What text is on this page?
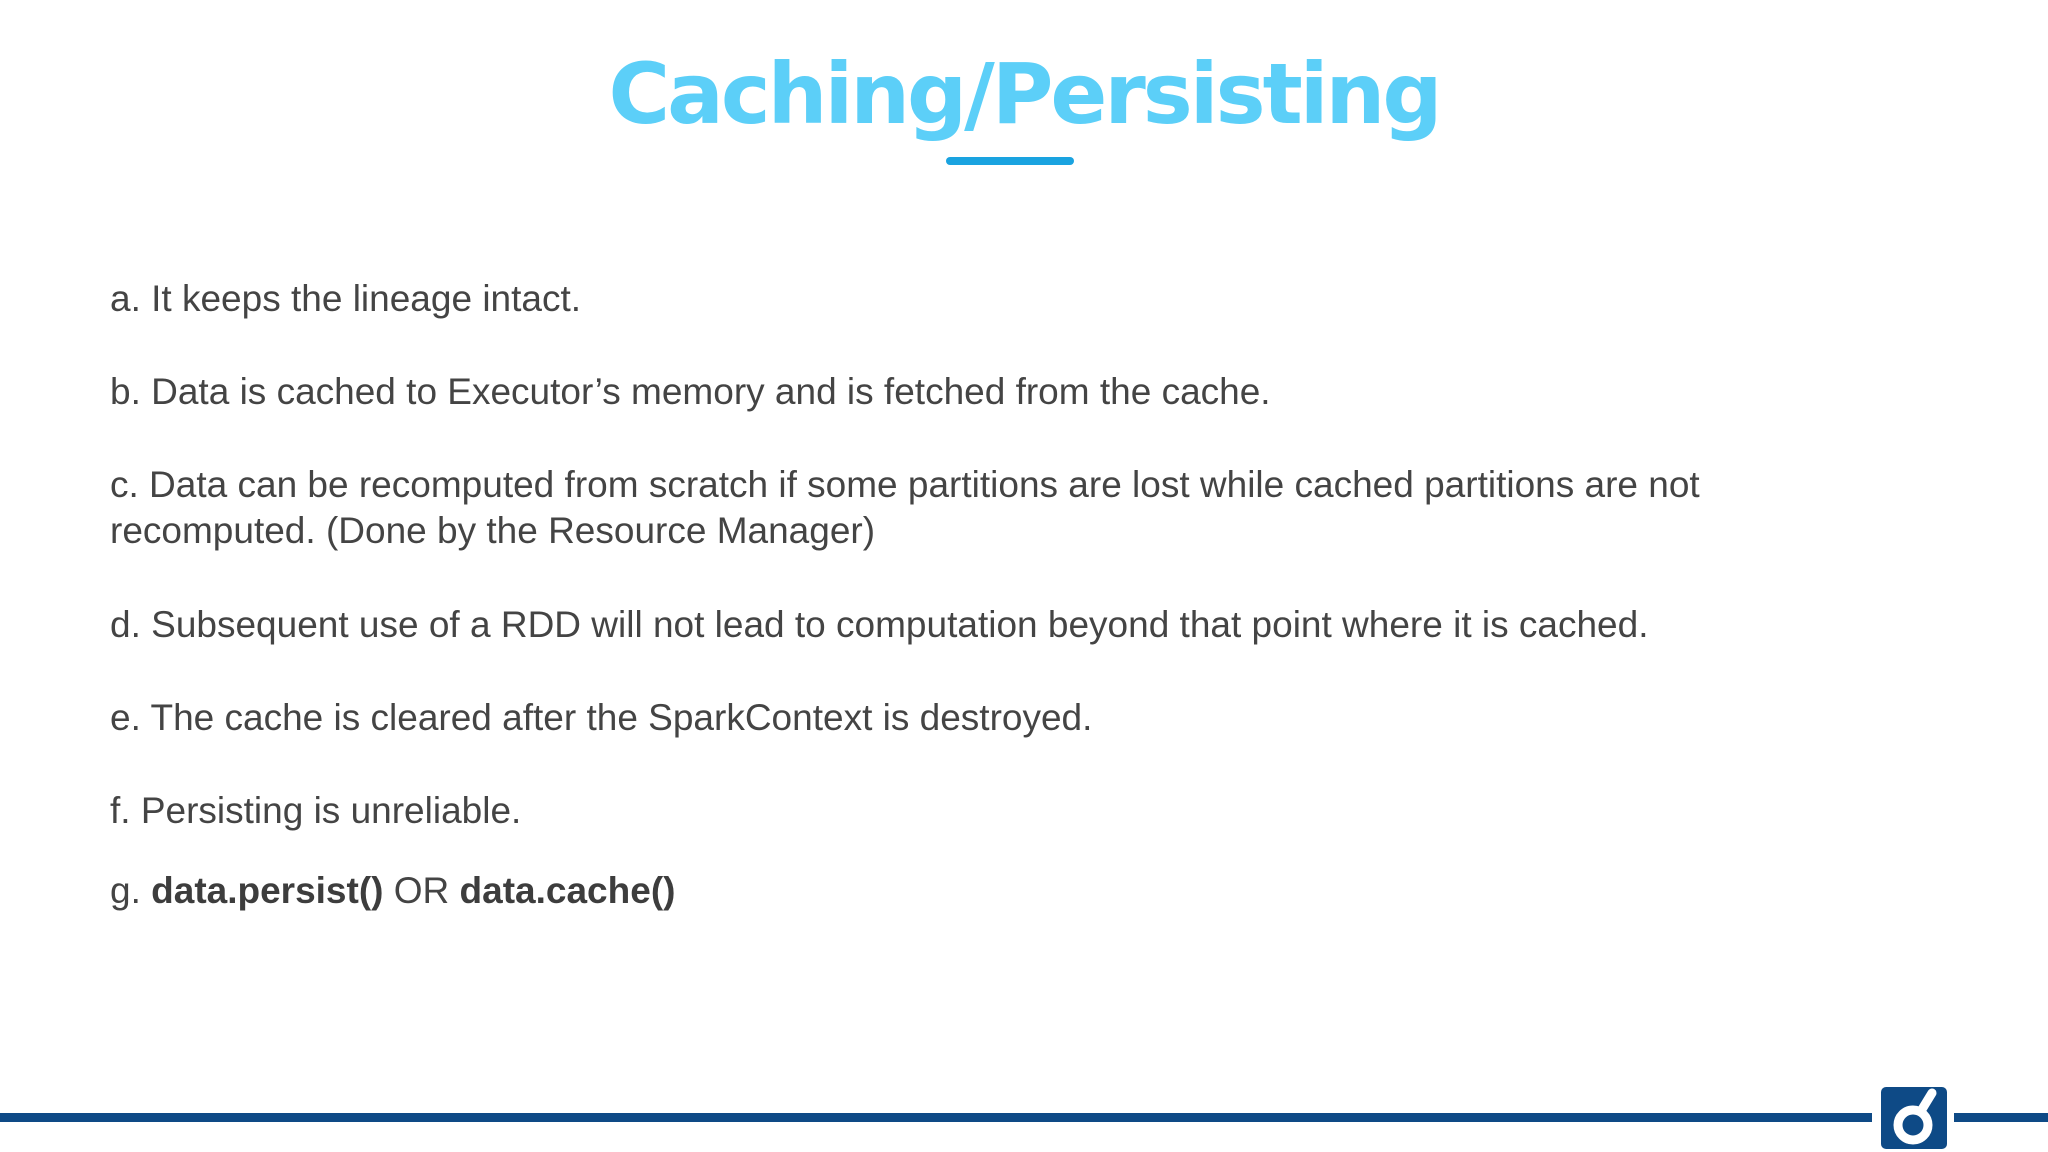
Caching/Persisting

a. It keeps the lineage intact.

b. Data is cached to Executor’s memory and is fetched from the cache.

c. Data can be recomputed from scratch if some partitions are lost while cached partitions are not recomputed. (Done by the Resource Manager)

d. Subsequent use of a RDD will not lead to computation beyond that point where it is cached.

e. The cache is cleared after the SparkContext is destroyed.

f. Persisting is unreliable.

g. data.persist() OR data.cache()
